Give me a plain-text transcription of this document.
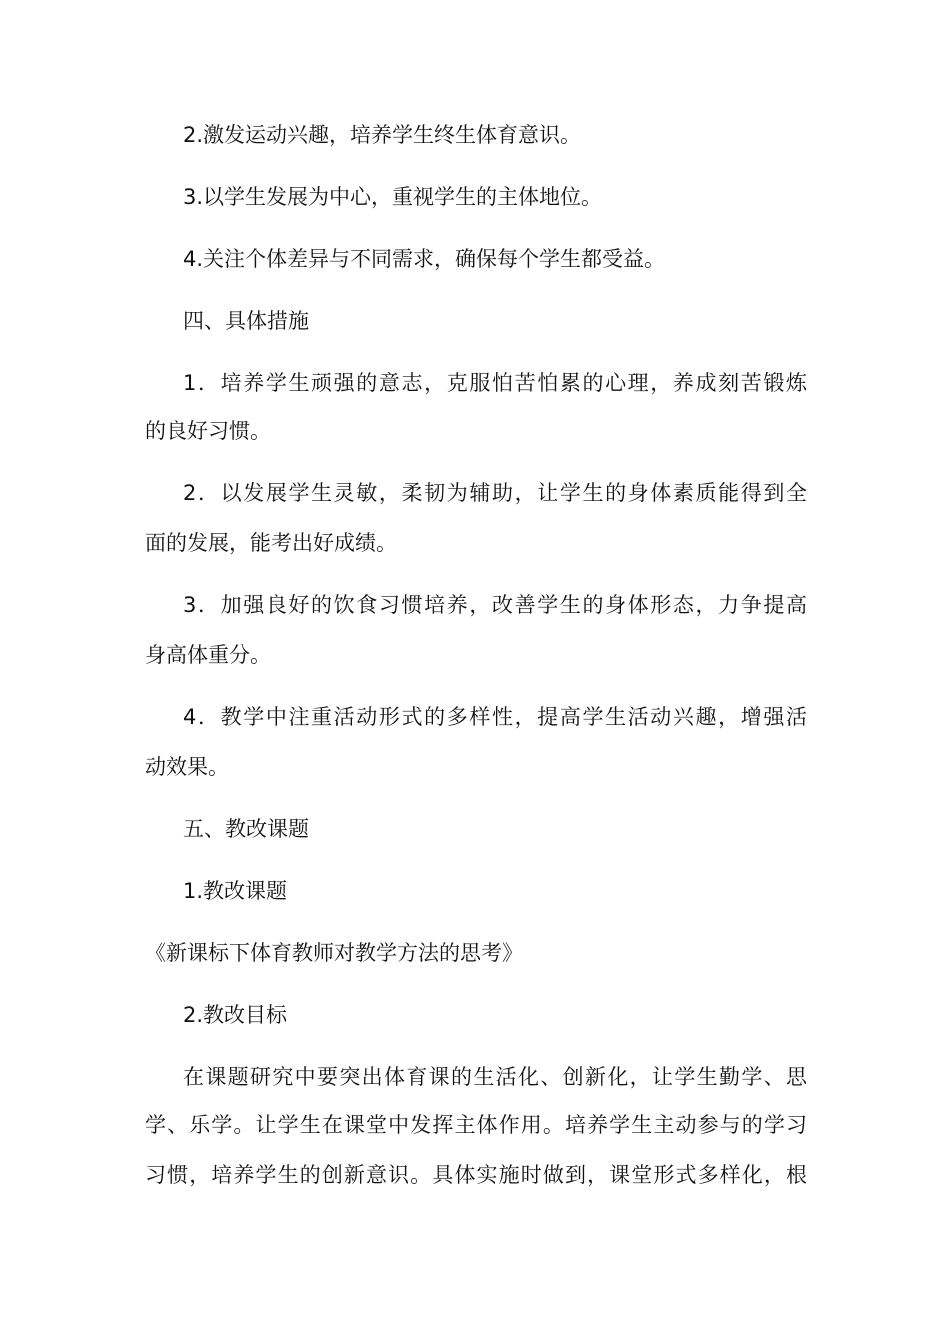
2.激发运动兴趣，培养学生终生体育意识。

3.以学生发展为中心，重视学生的主体地位。

4.关注个体差异与不同需求，确保每个学生都受益。

四、具体措施

1．培养学生顽强的意志，克服怕苦怕累的心理，养成刻苦锻炼

的良好习惯。

2．以发展学生灵敏，柔韧为辅助，让学生的身体素质能得到全

面的发展，能考出好成绩。

3．加强良好的饮食习惯培养，改善学生的身体形态，力争提高

身高体重分。

4．教学中注重活动形式的多样性，提高学生活动兴趣，增强活

动效果。

五、教改课题

1.教改课题

《新课标下体育教师对教学方法的思考》

2.教改目标

在课题研究中要突出体育课的生活化、创新化，让学生勤学、思

学、乐学。让学生在课堂中发挥主体作用。培养学生主动参与的学习

习惯，培养学生的创新意识。具体实施时做到，课堂形式多样化，根
